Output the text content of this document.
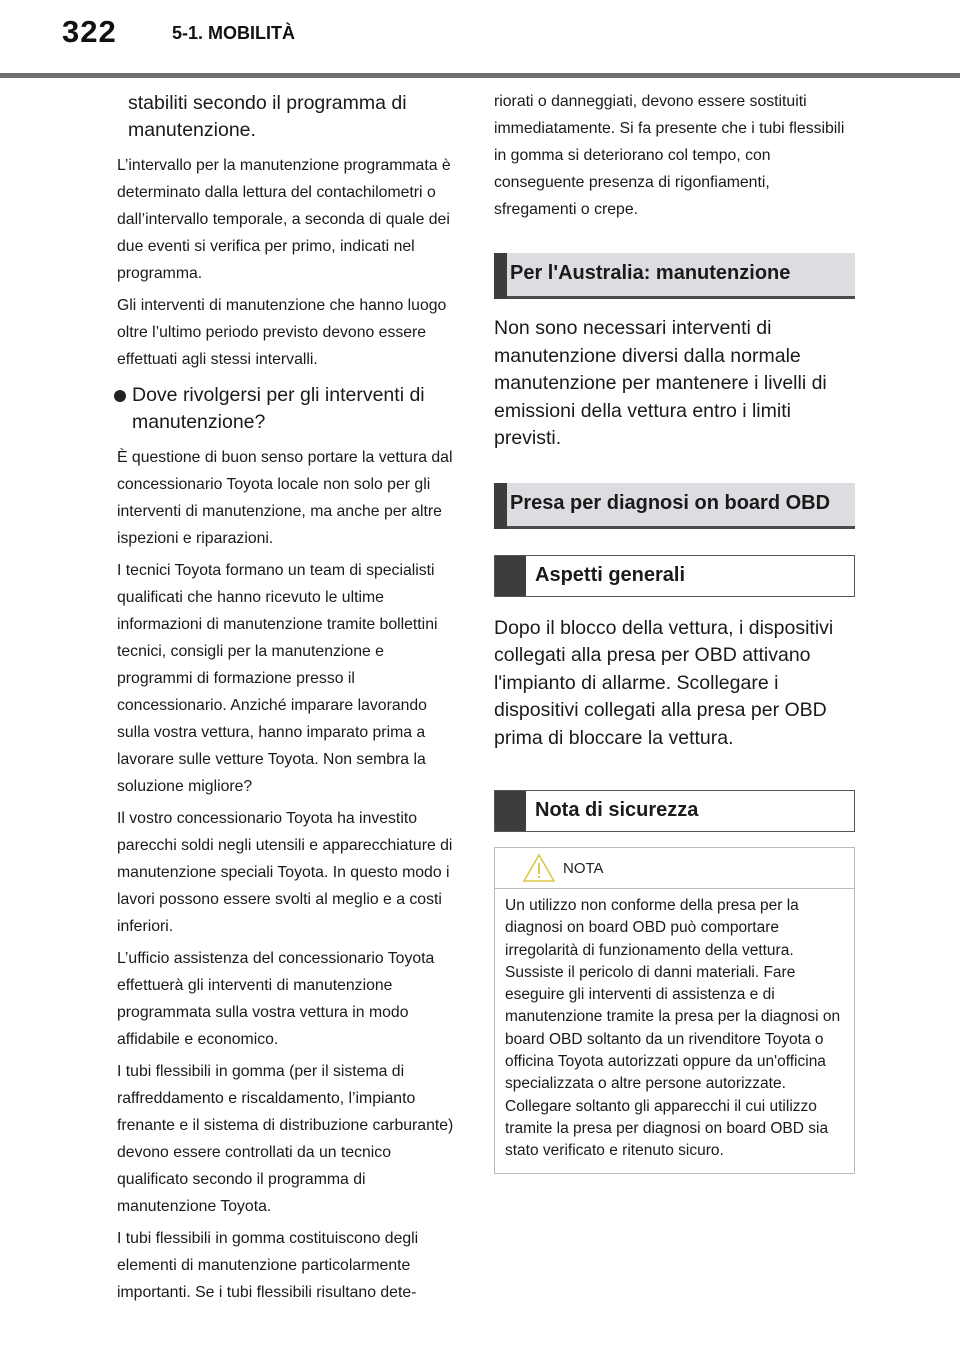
322	5-1. MOBILITÀ

stabiliti secondo il programma di manutenzione.

L’intervallo per la manutenzione programmata è determinato dalla lettura del contachilometri o dall’intervallo temporale, a seconda di quale dei due eventi si verifica per primo, indicati nel programma.

Gli interventi di manutenzione che hanno luogo oltre l’ultimo periodo previsto devono essere effettuati agli stessi intervalli.

Dove rivolgersi per gli interventi di manutenzione?

È questione di buon senso portare la vettura dal concessionario Toyota locale non solo per gli interventi di manutenzione, ma anche per altre ispezioni e riparazioni.

I tecnici Toyota formano un team di specialisti qualificati che hanno ricevuto le ultime informazioni di manutenzione tramite bollettini tecnici, consigli per la manutenzione e programmi di formazione presso il concessionario. Anziché imparare lavorando sulla vostra vettura, hanno imparato prima a lavorare sulle vetture Toyota. Non sembra la soluzione migliore?

Il vostro concessionario Toyota ha investito parecchi soldi negli utensili e apparecchiature di manutenzione speciali Toyota. In questo modo i lavori possono essere svolti al meglio e a costi inferiori.

L’ufficio assistenza del concessionario Toyota effettuerà gli interventi di manutenzione programmata sulla vostra vettura in modo affidabile e economico.

I tubi flessibili in gomma (per il sistema di raffreddamento e riscaldamento, l’impianto frenante e il sistema di distribuzione carburante) devono essere controllati da un tecnico qualificato secondo il programma di manutenzione Toyota.

I tubi flessibili in gomma costituiscono degli elementi di manutenzione particolarmente importanti. Se i tubi flessibili risultano dete-

riorati o danneggiati, devono essere sostituiti immediatamente. Si fa presente che i tubi flessibili in gomma si deteriorano col tempo, con conseguente presenza di rigonfiamenti, sfregamenti o crepe.

Per l'Australia: manutenzione

Non sono necessari interventi di manutenzione diversi dalla normale manutenzione per mantenere i livelli di emissioni della vettura entro i limiti previsti.

Presa per diagnosi on board OBD
Aspetti generali

Dopo il blocco della vettura, i dispositivi collegati alla presa per OBD attivano l'impianto di allarme. Scollegare i dispositivi collegati alla presa per OBD prima di bloccare la vettura.

Nota di sicurezza
NOTA

Un utilizzo non conforme della presa per la diagnosi on board OBD può comportare irregolarità di funzionamento della vettura. Sussiste il pericolo di danni materiali. Fare eseguire gli interventi di assistenza e di manutenzione tramite la presa per la diagnosi on board OBD soltanto da un rivenditore Toyota o officina Toyota autorizzati oppure da un'officina specializzata o altre persone autorizzate. Collegare soltanto gli apparecchi il cui utilizzo tramite la presa per diagnosi on board OBD sia stato verificato e ritenuto sicuro.
